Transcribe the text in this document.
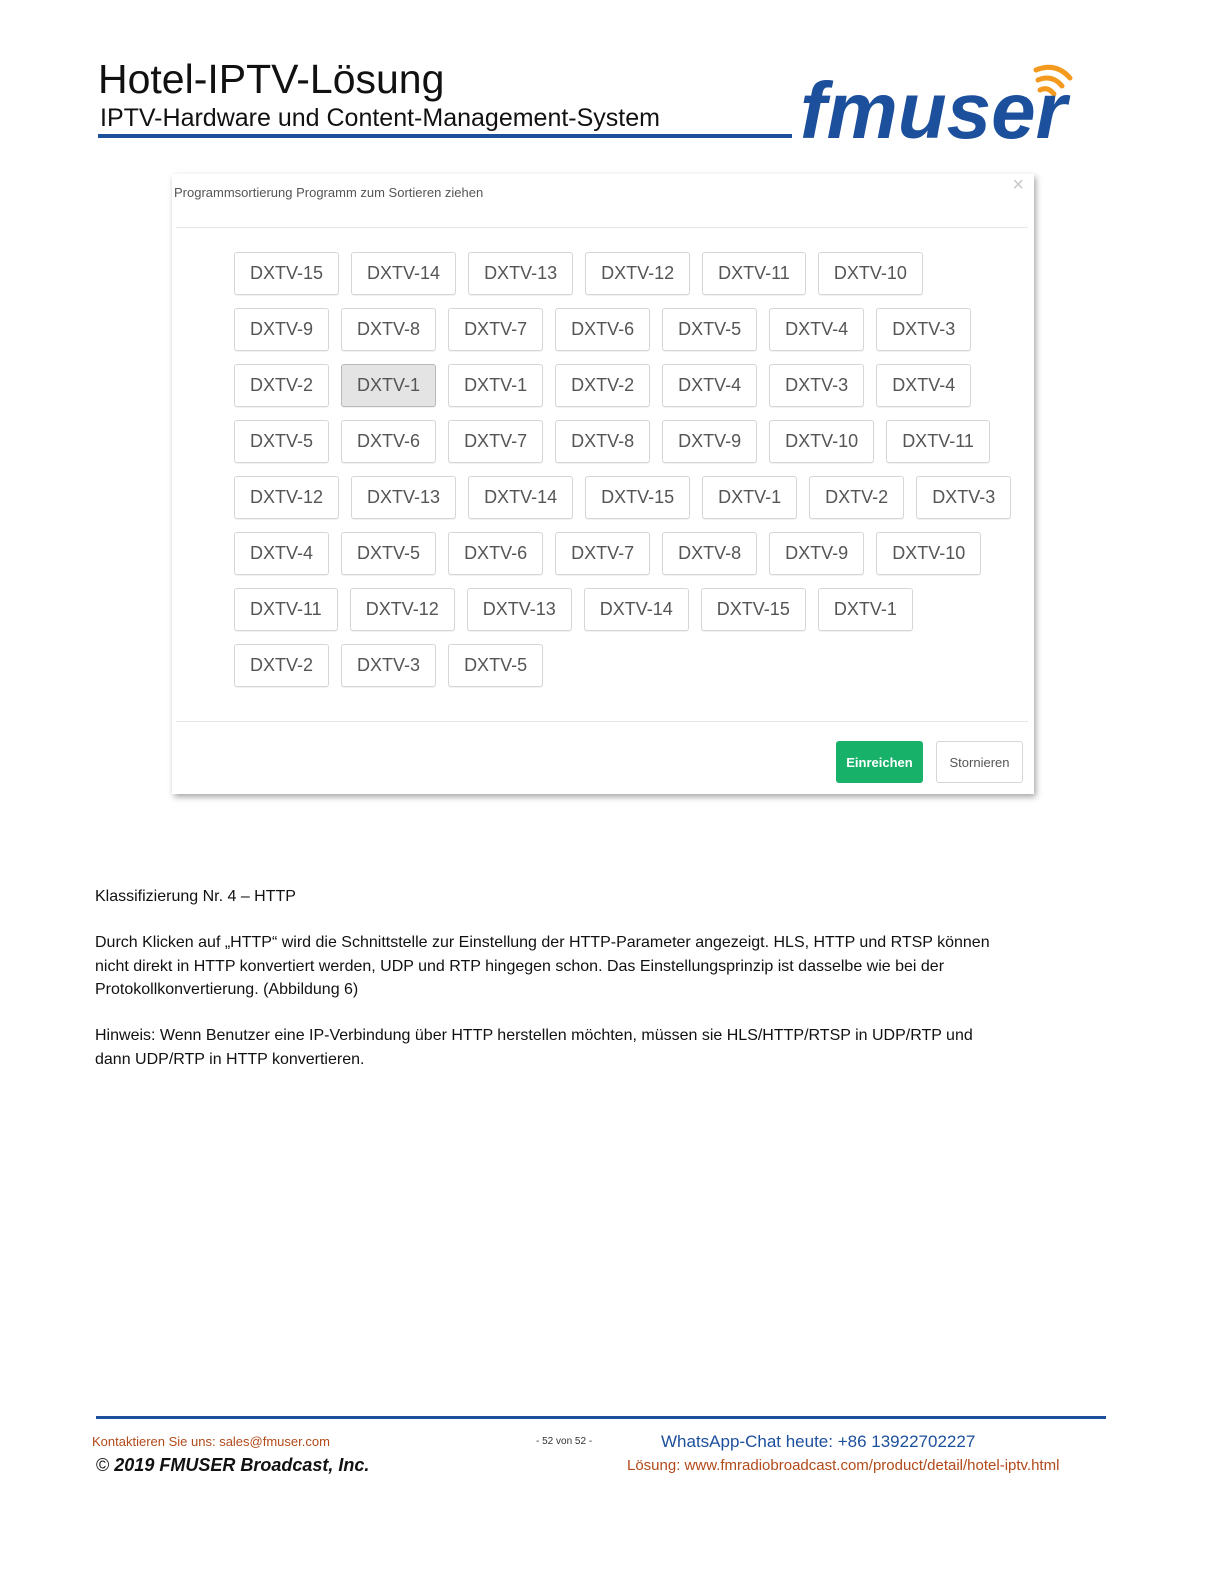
Hotel-IPTV-Lösung
IPTV-Hardware und Content-Management-System fmuser
Programmsortierung Programm zum Sortieren ziehen	×
DXTV-15	DXTV-14	DXTV-13	DXTV-12	DXTV-11	DXTV-10
DXTV-9	DXTV-8	DXTV-7	DXTV-6	DXTV-5	DXTV-4	DXTV-3
DXTV-2	DXTV-1	DXTV-1	DXTV-2	DXTV-4	DXTV-3	DXTV-4
DXTV-5	DXTV-6	DXTV-7	DXTV-8	DXTV-9	DXTV-10	DXTV-11
DXTV-12	DXTV-13	DXTV-14	DXTV-15	DXTV-1	DXTV-2	DXTV-3
DXTV-4	DXTV-5	DXTV-6	DXTV-7	DXTV-8	DXTV-9	DXTV-10
DXTV-11	DXTV-12	DXTV-13	DXTV-14	DXTV-15	DXTV-1
DXTV-2	DXTV-3	DXTV-5
Einreichen	Stornieren
Klassifizierung Nr. 4 – HTTP
Durch Klicken auf „HTTP“ wird die Schnittstelle zur Einstellung der HTTP-Parameter angezeigt. HLS, HTTP und RTSP können
nicht direkt in HTTP konvertiert werden, UDP und RTP hingegen schon. Das Einstellungsprinzip ist dasselbe wie bei der
Protokollkonvertierung. (Abbildung 6)
Hinweis: Wenn Benutzer eine IP-Verbindung über HTTP herstellen möchten, müssen sie HLS/HTTP/RTSP in UDP/RTP und
dann UDP/RTP in HTTP konvertieren.
Kontaktieren Sie uns: sales@fmuser.com
© 2019 FMUSER Broadcast, Inc.
- 52 von 52 -	WhatsApp-Chat heute: +86 13922702227
Lösung: www.fmradiobroadcast.com/product/detail/hotel-iptv.html
